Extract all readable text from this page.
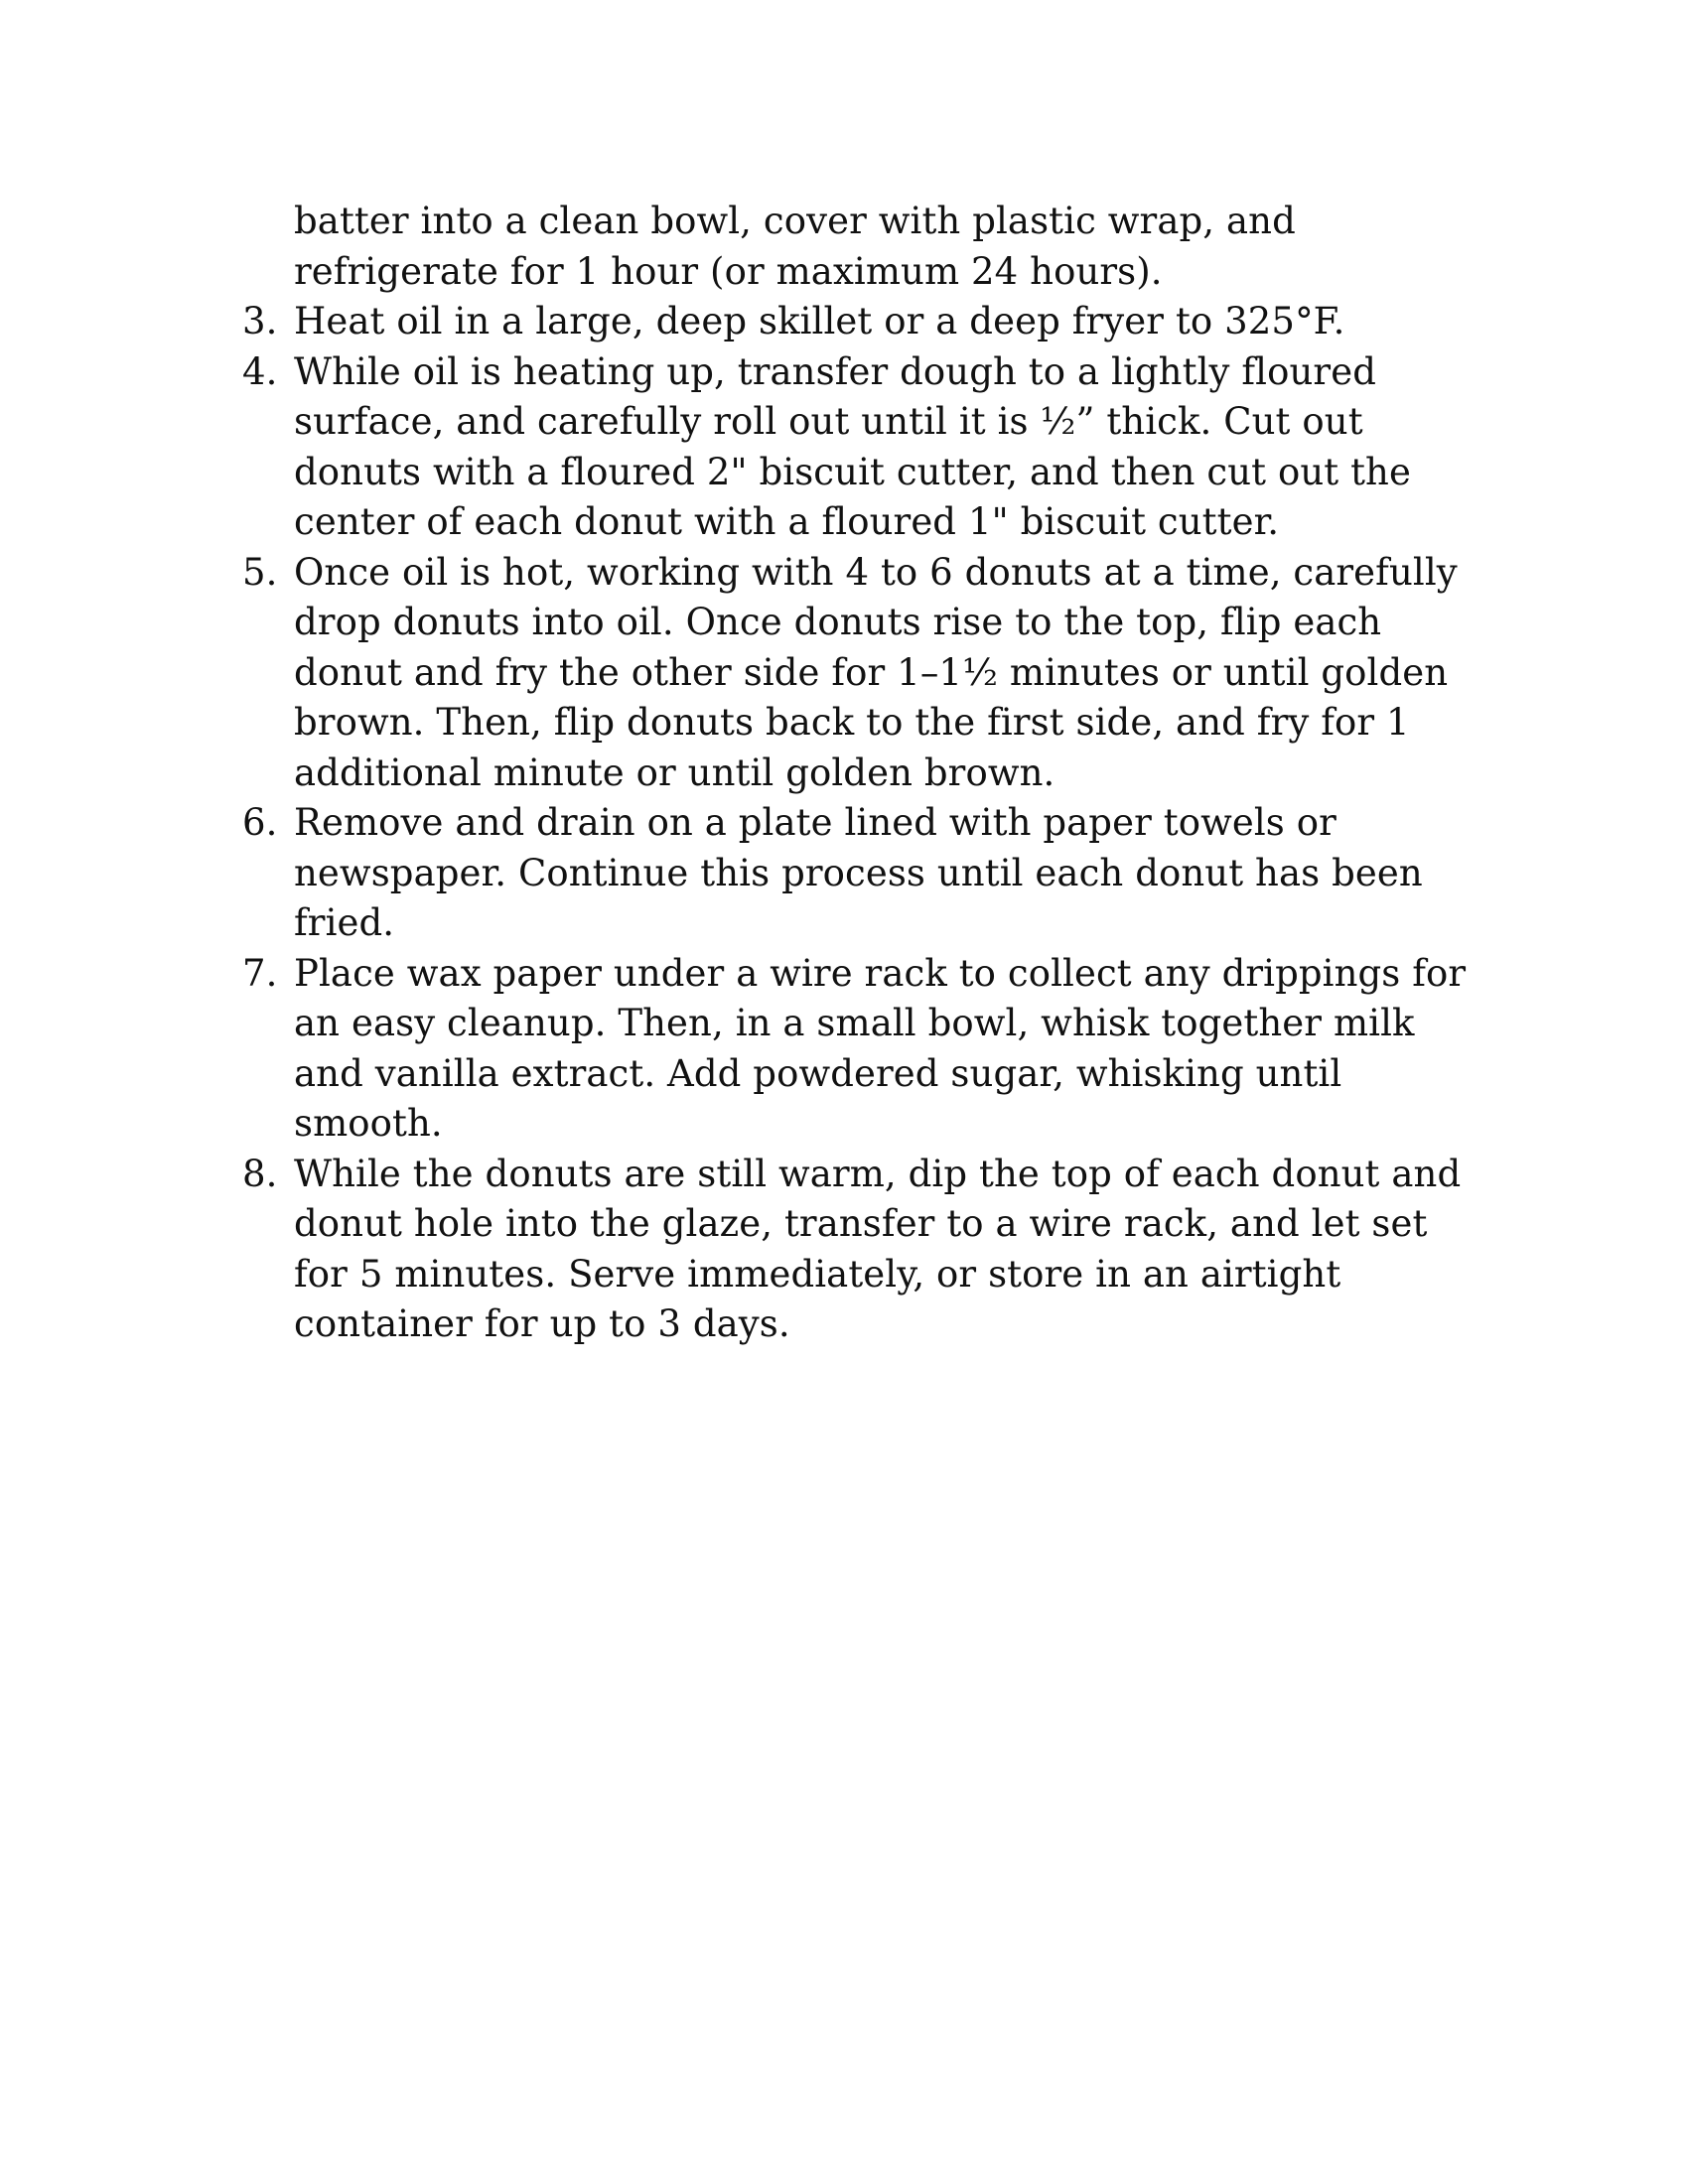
batter into a clean bowl, cover with plastic wrap, and refrigerate for 1 hour (or maximum 24 hours).
3. Heat oil in a large, deep skillet or a deep fryer to 325°F.
4. While oil is heating up, transfer dough to a lightly floured surface, and carefully roll out until it is ½” thick. Cut out donuts with a floured 2" biscuit cutter, and then cut out the center of each donut with a floured 1" biscuit cutter.
5. Once oil is hot, working with 4 to 6 donuts at a time, carefully drop donuts into oil. Once donuts rise to the top, flip each donut and fry the other side for 1–1½ minutes or until golden brown. Then, flip donuts back to the first side, and fry for 1 additional minute or until golden brown.
6. Remove and drain on a plate lined with paper towels or newspaper. Continue this process until each donut has been fried.
7. Place wax paper under a wire rack to collect any drippings for an easy cleanup. Then, in a small bowl, whisk together milk and vanilla extract. Add powdered sugar, whisking until smooth.
8. While the donuts are still warm, dip the top of each donut and donut hole into the glaze, transfer to a wire rack, and let set for 5 minutes. Serve immediately, or store in an airtight container for up to 3 days.
